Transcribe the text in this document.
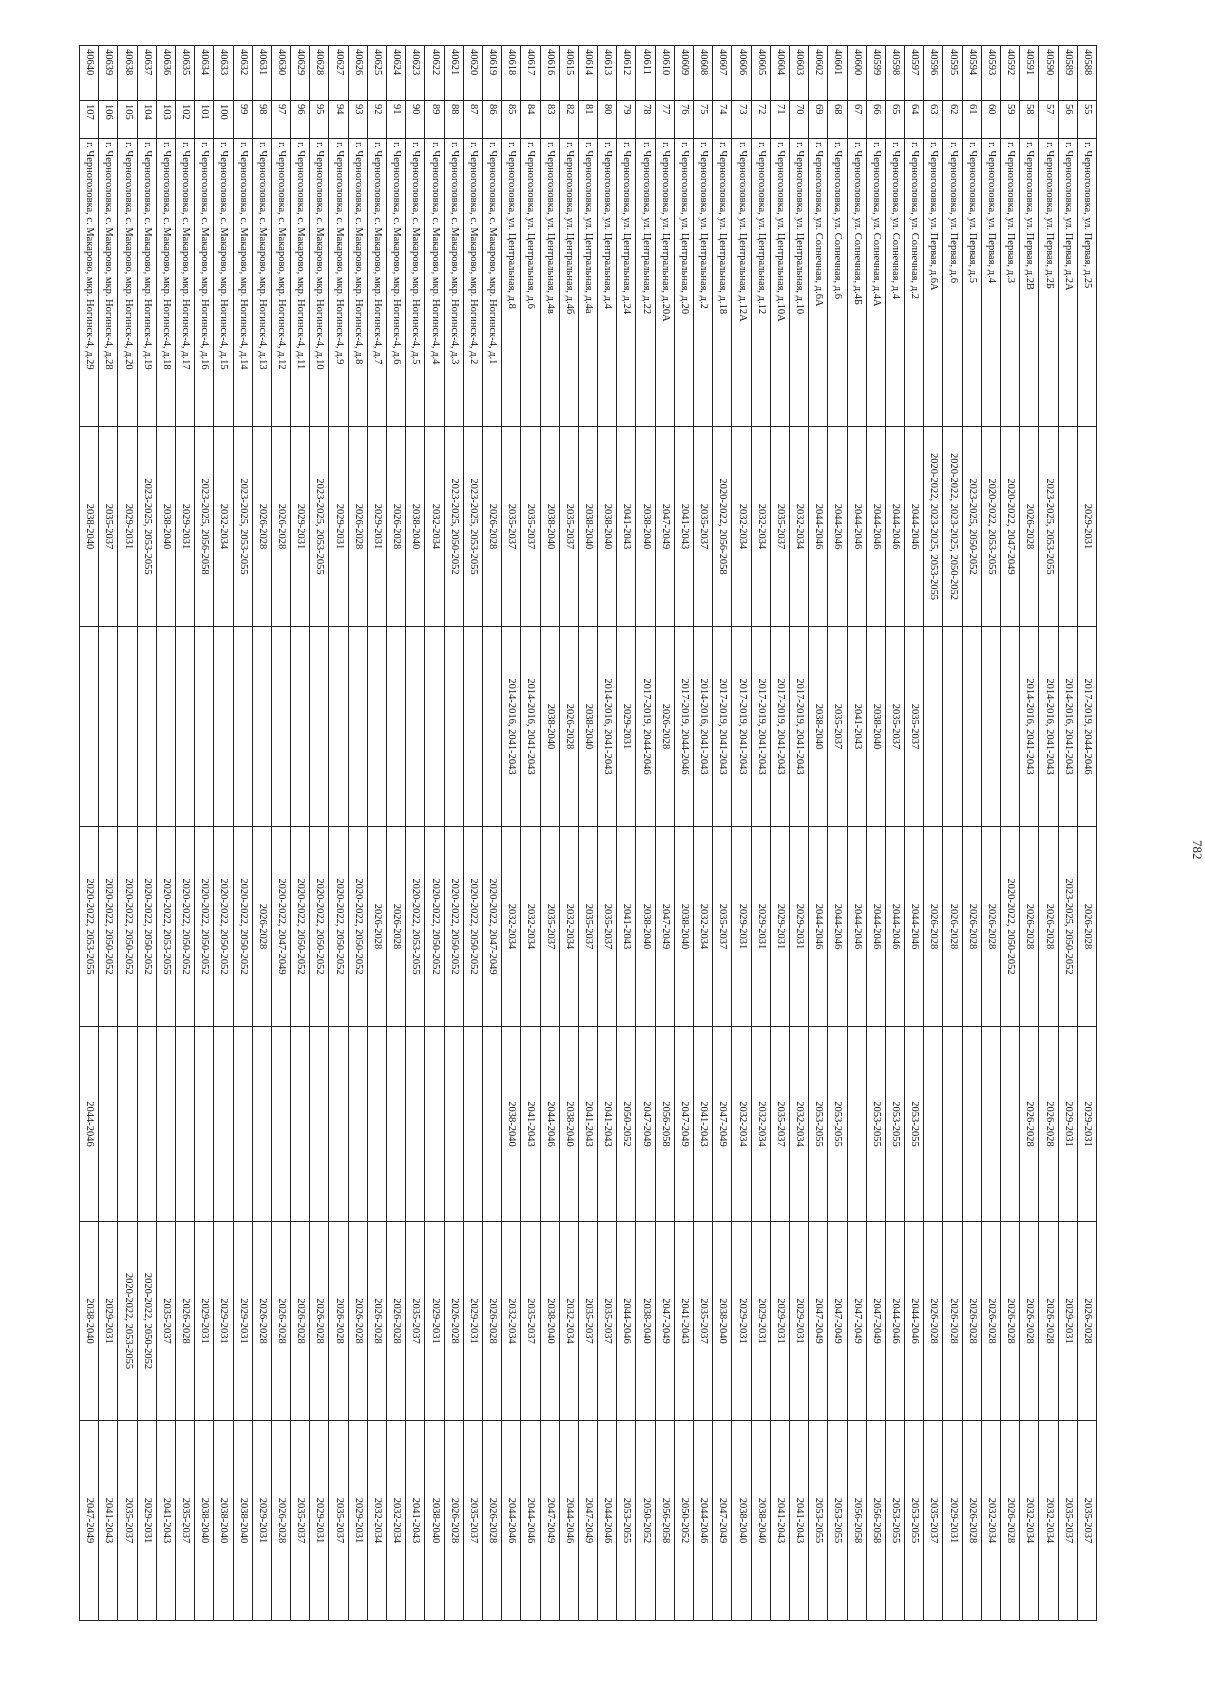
40588	55	г. Черноголовка, ул. Первая, д.25	2029-2031	2017-2019, 2044-2046	2026-2028	2029-2031	2026-2028	2035-2037
40589	56	г. Черноголовка, ул. Первая, д.2А		2014-2016, 2041-2043	2023-2025, 2050-2052	2029-2031	2029-2031	2035-2037
40590	57	г. Черноголовка, ул. Первая, д.2Б	2023-2025, 2053-2055	2014-2016, 2041-2043	2026-2028	2026-2028	2026-2028	2032-2034
40591	58	г. Черноголовка, ул. Первая, д.2В	2026-2028	2014-2016, 2041-2043	2026-2028	2026-2028	2026-2028	2032-2034
40592	59	г. Черноголовка, ул. Первая, д.3	2020-2022, 2047-2049		2020-2022, 2050-2052		2026-2028	2026-2028
40593	60	г. Черноголовка, ул. Первая, д.4	2020-2022, 2053-2055		2026-2028		2026-2028	2032-2034
40594	61	г. Черноголовка, ул. Первая, д.5	2023-2025, 2050-2052		2026-2028		2026-2028	2026-2028
40595	62	г. Черноголовка, ул. Первая, д.6	2020-2022, 2023-2025, 2050-2052		2026-2028		2026-2028	2029-2031
40596	63	г. Черноголовка, ул. Первая, д.6А	2020-2022, 2023-2025, 2053-2055		2026-2028		2026-2028	2035-2037
40597	64	г. Черноголовка, ул. Солнечная, д.2	2044-2046	2035-2037	2044-2046	2053-2055	2044-2046	2053-2055
40598	65	г. Черноголовка, ул. Солнечная, д.4	2044-2046	2035-2037	2044-2046	2053-2055	2044-2046	2053-2055
40599	66	г. Черноголовка, ул. Солнечная, д.4А	2044-2046	2038-2040	2044-2046	2053-2055	2047-2049	2056-2058
40600	67	г. Черноголовка, ул. Солнечная, д.4Б	2044-2046	2041-2043	2044-2046		2047-2049	2056-2058
40601	68	г. Черноголовка, ул. Солнечная, д.6	2044-2046	2035-2037	2044-2046	2053-2055	2047-2049	2053-2055
40602	69	г. Черноголовка, ул. Солнечная, д.6А	2044-2046	2038-2040	2044-2046	2053-2055	2047-2049	2053-2055
40603	70	г. Черноголовка, ул. Центральная, д.10	2032-2034	2017-2019, 2041-2043	2029-2031	2032-2034	2029-2031	2041-2043
40604	71	г. Черноголовка, ул. Центральная, д.10А	2035-2037	2017-2019, 2041-2043	2029-2031	2035-2037	2029-2031	2041-2043
40605	72	г. Черноголовка, ул. Центральная, д.12	2032-2034	2017-2019, 2041-2043	2029-2031	2032-2034	2029-2031	2038-2040
40606	73	г. Черноголовка, ул. Центральная, д.12А	2032-2034	2017-2019, 2041-2043	2029-2031	2032-2034	2029-2031	2038-2040
40607	74	г. Черноголовка, ул. Центральная, д.18	2020-2022, 2056-2058	2017-2019, 2041-2043	2035-2037	2047-2049	2038-2040	2047-2049
40608	75	г. Черноголовка, ул. Центральная, д.2	2035-2037	2014-2016, 2041-2043	2032-2034	2041-2043	2035-2037	2044-2046
40609	76	г. Черноголовка, ул. Центральная, д.20	2041-2043	2017-2019, 2044-2046	2038-2040	2047-2049	2041-2043	2050-2052
40610	77	г. Черноголовка, ул. Центральная, д.20А	2047-2049	2026-2028	2047-2049	2056-2058	2047-2049	2056-2058
40611	78	г. Черноголовка, ул. Центральная, д.22	2038-2040	2017-2019, 2044-2046	2038-2040	2047-2049	2038-2040	2050-2052
40612	79	г. Черноголовка, ул. Центральная, д.24	2041-2043	2029-2031	2041-2043	2050-2052	2044-2046	2053-2055
40613	80	г. Черноголовка, ул. Центральная, д.4	2038-2040	2014-2016, 2041-2043	2035-2037	2041-2043	2035-2037	2044-2046
40614	81	г. Черноголовка, ул. Центральная, д.4а	2038-2040	2038-2040	2035-2037	2041-2043	2035-2037	2047-2049
40615	82	г. Черноголовка, ул. Центральная, д.4б	2035-2037	2026-2028	2032-2034	2038-2040	2032-2034	2044-2046
40616	83	г. Черноголовка, ул. Центральная, д.4в	2038-2040	2038-2040	2035-2037	2044-2046	2038-2040	2047-2049
40617	84	г. Черноголовка, ул. Центральная, д.6	2035-2037	2014-2016, 2041-2043	2032-2034	2041-2043	2035-2037	2044-2046
40618	85	г. Черноголовка, ул. Центральная, д.8	2035-2037	2014-2016, 2041-2043	2032-2034	2038-2040	2032-2034	2044-2046
40619	86	г. Черноголовка, с. Макарово, мкр. Ногинск-4, д.1	2026-2028		2020-2022, 2047-2049		2026-2028	2026-2028
40620	87	г. Черноголовка, с. Макарово, мкр. Ногинск-4, д.2	2023-2025, 2053-2055		2020-2022, 2050-2052		2029-2031	2035-2037
40621	88	г. Черноголовка, с. Макарово, мкр. Ногинск-4, д.3	2023-2025, 2050-2052		2020-2022, 2050-2052		2026-2028	2026-2028
40622	89	г. Черноголовка, с. Макарово, мкр. Ногинск-4, д.4	2032-2034		2020-2022, 2050-2052		2029-2031	2038-2040
40623	90	г. Черноголовка, с. Макарово, мкр. Ногинск-4, д.5	2038-2040		2020-2022, 2053-2055		2035-2037	2041-2043
40624	91	г. Черноголовка, с. Макарово, мкр. Ногинск-4, д.6	2026-2028		2026-2028		2026-2028	2032-2034
40625	92	г. Черноголовка, с. Макарово, мкр. Ногинск-4, д.7	2029-2031		2026-2028		2026-2028	2032-2034
40626	93	г. Черноголовка, с. Макарово, мкр. Ногинск-4, д.8	2026-2028		2020-2022, 2050-2052		2026-2028	2029-2031
40627	94	г. Черноголовка, с. Макарово, мкр. Ногинск-4, д.9	2029-2031		2020-2022, 2050-2052		2026-2028	2035-2037
40628	95	г. Черноголовка, с. Макарово, мкр. Ногинск-4, д.10	2023-2025, 2053-2055		2020-2022, 2050-2052		2026-2028	2029-2031
40629	96	г. Черноголовка, с. Макарово, мкр. Ногинск-4, д.11	2029-2031		2020-2022, 2050-2052		2026-2028	2035-2037
40630	97	г. Черноголовка, с. Макарово, мкр. Ногинск-4, д.12	2026-2028		2020-2022, 2047-2049		2026-2028	2026-2028
40631	98	г. Черноголовка, с. Макарово, мкр. Ногинск-4, д.13	2026-2028		2026-2028		2026-2028	2029-2031
40632	99	г. Черноголовка, с. Макарово, мкр. Ногинск-4, д.14	2023-2025, 2053-2055		2020-2022, 2050-2052		2029-2031	2038-2040
40633	100	г. Черноголовка, с. Макарово, мкр. Ногинск-4, д.15	2032-2034		2020-2022, 2050-2052		2029-2031	2038-2040
40634	101	г. Черноголовка, с. Макарово, мкр. Ногинск-4, д.16	2023-2025, 2056-2058		2020-2022, 2050-2052		2029-2031	2038-2040
40635	102	г. Черноголовка, с. Макарово, мкр. Ногинск-4, д.17	2029-2031		2020-2022, 2050-2052		2026-2028	2035-2037
40636	103	г. Черноголовка, с. Макарово, мкр. Ногинск-4, д.18	2038-2040		2020-2022, 2053-2055		2035-2037	2041-2043
40637	104	г. Черноголовка, с. Макарово, мкр. Ногинск-4, д.19	2023-2025, 2053-2055		2020-2022, 2050-2052		2020-2022, 2050-2052	2029-2031
40638	105	г. Черноголовка, с. Макарово, мкр. Ногинск-4, д.20	2029-2031		2020-2022, 2050-2052		2020-2022, 2053-2055	2035-2037
40639	106	г. Черноголовка, с. Макарово, мкр. Ногинск-4, д.28	2035-2037		2020-2022, 2050-2052		2029-2031	2041-2043
40640	107	г. Черноголовка, с. Макарово, мкр. Ногинск-4, д.29	2038-2040		2020-2022, 2053-2055	2044-2046	2038-2040	2047-2049
782
